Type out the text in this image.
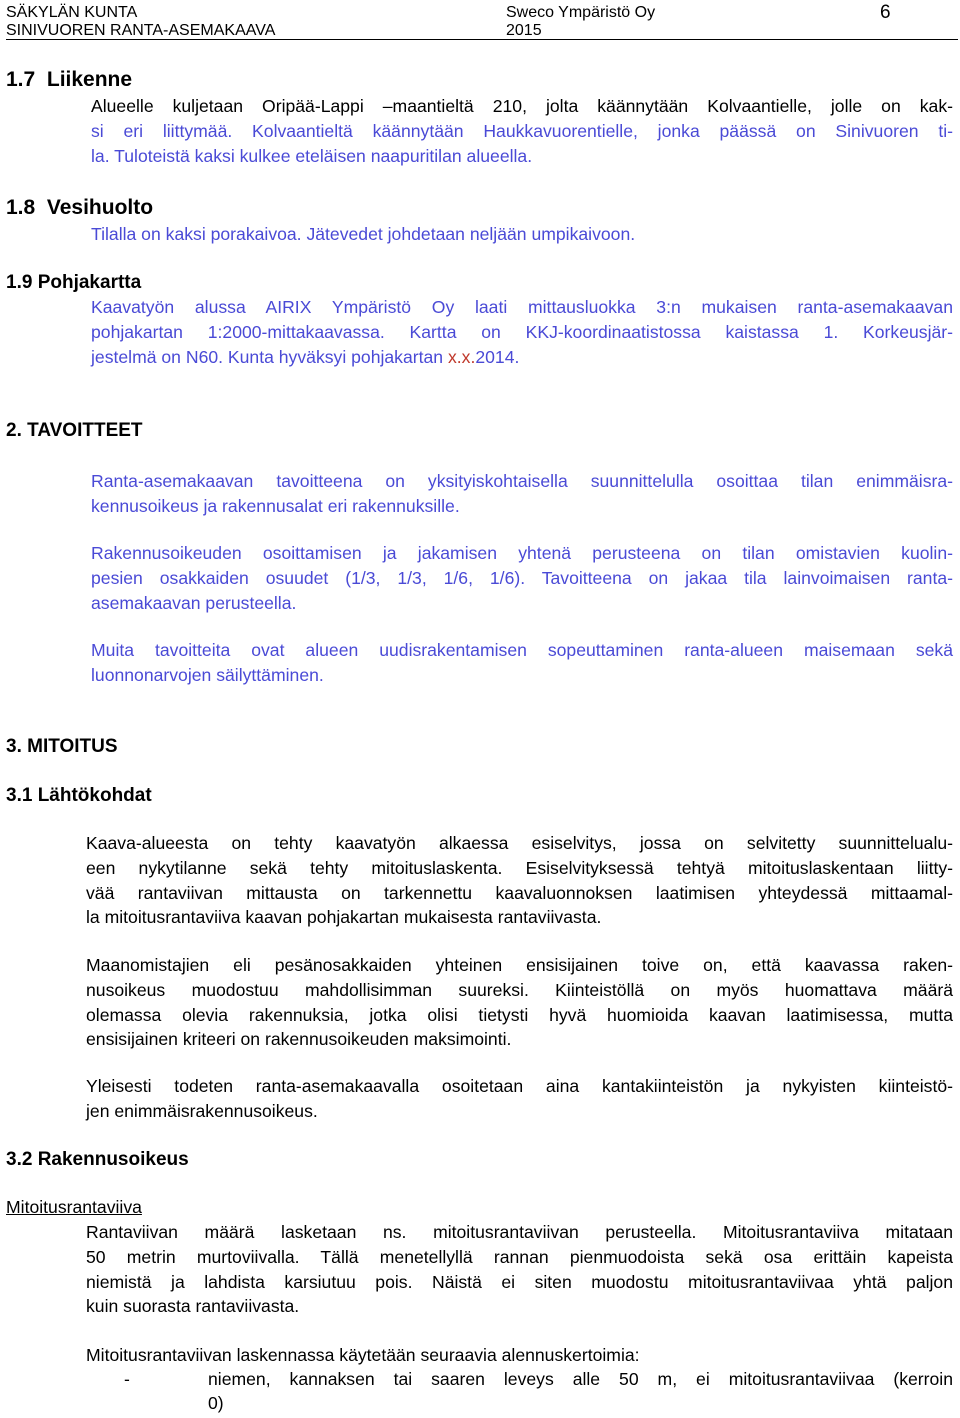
SÄKYLÄN KUNTA
SINIVUOREN RANTA-ASEMAKAAVA
Sweco Ympäristö Oy
2015
6
1.7 Liikenne
Alueelle kuljetaan Oripää-Lappi –maantieltä 210, jolta käännytään Kolvaantielle, jolle on kak-
si eri liittymää. Kolvaantieltä käännytään Haukkavuorentielle, jonka päässä on Sinivuoren ti-
la. Tuloteistä kaksi kulkee eteläisen naapuritilan alueella.
1.8 Vesihuolto
Tilalla on kaksi porakaivoa. Jätevedet johdetaan neljään umpikaivoon.
1.9 Pohjakartta
Kaavatyön alussa AIRIX Ympäristö Oy laati mittausluokka 3:n mukaisen ranta-asemakaavan
pohjakartan 1:2000-mittakaavassa. Kartta on KKJ-koordinaatistossa kaistassa 1. Korkeusjär-
jestelmä on N60. Kunta hyväksyi pohjakartan x.x.2014.
2. TAVOITTEET
Ranta-asemakaavan tavoitteena on yksityiskohtaisella suunnittelulla osoittaa tilan enimmäisra-
kennusoikeus ja rakennusalat eri rakennuksille.
Rakennusoikeuden osoittamisen ja jakamisen yhtenä perusteena on tilan omistavien kuolin-
pesien osakkaiden osuudet (1/3, 1/3, 1/6, 1/6). Tavoitteena on jakaa tila lainvoimaisen ranta-
asemakaavan perusteella.
Muita tavoitteita ovat alueen uudisrakentamisen sopeuttaminen ranta-alueen maisemaan sekä
luonnonarvojen säilyttäminen.
3. MITOITUS
3.1 Lähtökohdat
Kaava-alueesta on tehty kaavatyön alkaessa esiselvitys, jossa on selvitetty suunnittelualu-
een nykytilanne sekä tehty mitoituslaskenta. Esiselvityksessä tehtyä mitoituslaskentaan liitty-
vää rantaviivan mittausta on tarkennettu kaavaluonnoksen laatimisen yhteydessä mittaamal-
la mitoitusrantaviiva kaavan pohjakartan mukaisesta rantaviivasta.
Maanomistajien eli pesänosakkaiden yhteinen ensisijainen toive on, että kaavassa raken-
nusoikeus muodostuu mahdollisimman suureksi. Kiinteistöllä on myös huomattava määrä
olemassa olevia rakennuksia, jotka olisi tietysti hyvä huomioida kaavan laatimisessa, mutta
ensisijainen kriteeri on rakennusoikeuden maksimointi.
Yleisesti todeten ranta-asemakaavalla osoitetaan aina kantakiinteistön ja nykyisten kiinteistö-
jen enimmäisrakennusoikeus.
3.2 Rakennusoikeus
Mitoitusrantaviiva
Rantaviivan määrä lasketaan ns. mitoitusrantaviivan perusteella. Mitoitusrantaviiva mitataan
50 metrin murtoviivalla. Tällä menetellyllä rannan pienmuodoista sekä osa erittäin kapeista
niemistä ja lahdista karsiutuu pois. Näistä ei siten muodostu mitoitusrantaviivaa yhtä paljon
kuin suorasta rantaviivasta.
Mitoitusrantaviivan laskennassa käytetään seuraavia alennuskertoimia:
-	niemen, kannaksen tai saaren leveys alle 50 m, ei mitoitusrantaviivaa (kerroin
0)
